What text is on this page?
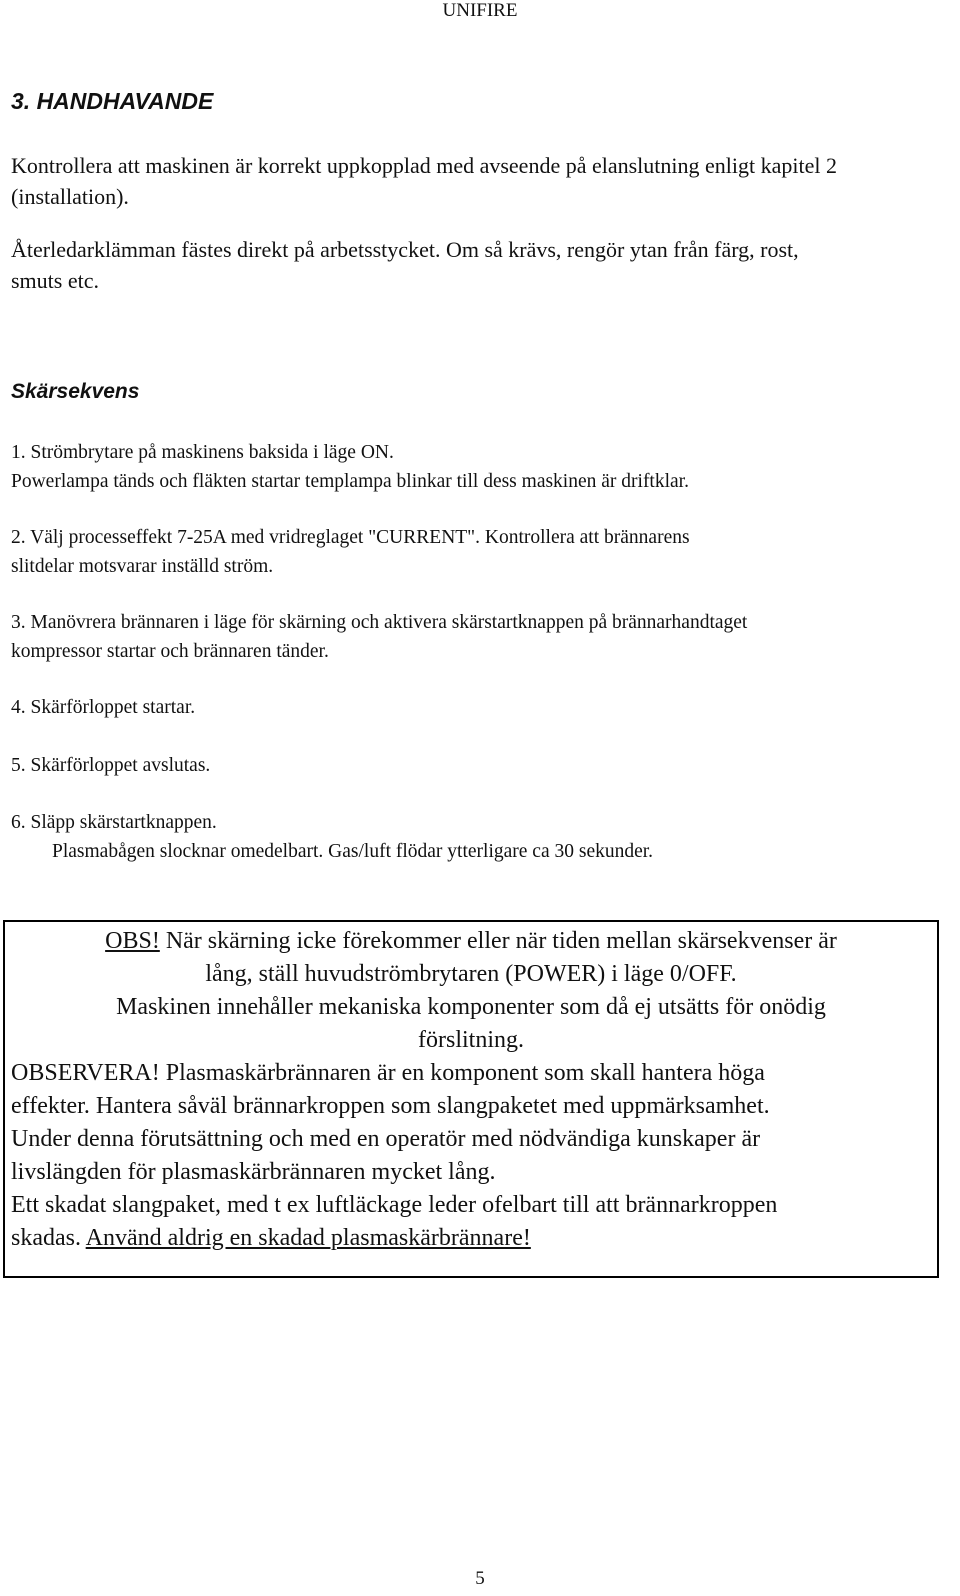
UNIFIRE
3. HANDHAVANDE
Kontrollera att maskinen är korrekt uppkopplad med avseende på elanslutning enligt kapitel 2
(installation).
Återledarklämman fästes direkt på arbetsstycket. Om så krävs, rengör ytan från färg, rost,
smuts etc.
Skärsekvens
1. Strömbrytare på maskinens baksida i läge ON.
Powerlampa tänds och fläkten startar templampa blinkar till dess maskinen är driftklar.
2. Välj processeffekt 7-25A med vridreglaget "CURRENT". Kontrollera att brännarens
slitdelar motsvarar inställd ström.
3. Manövrera brännaren i läge för skärning och aktivera skärstartknappen på brännarhandtaget
kompressor startar och brännaren tänder.
4. Skärförloppet startar.
5. Skärförloppet avslutas.
6. Släpp skärstartknappen.
Plasmabågen slocknar omedelbart. Gas/luft flödar ytterligare ca 30 sekunder.
OBS! När skärning icke förekommer eller när tiden mellan skärsekvenser är
lång, ställ huvudströmbrytaren (POWER) i läge 0/OFF.
Maskinen innehåller mekaniska komponenter som då ej utsätts för onödig
förslitning.
OBSERVERA! Plasmaskärbrännaren är en komponent som skall hantera höga
effekter. Hantera såväl brännarkroppen som slangpaketet med uppmärksamhet.
Under denna förutsättning och med en operatör med nödvändiga kunskaper är
livslängden för plasmaskärbrännaren mycket lång.
Ett skadat slangpaket, med t ex luftläckage leder ofelbart till att brännarkroppen
skadas. Använd aldrig en skadad plasmaskärbrännare!
5
